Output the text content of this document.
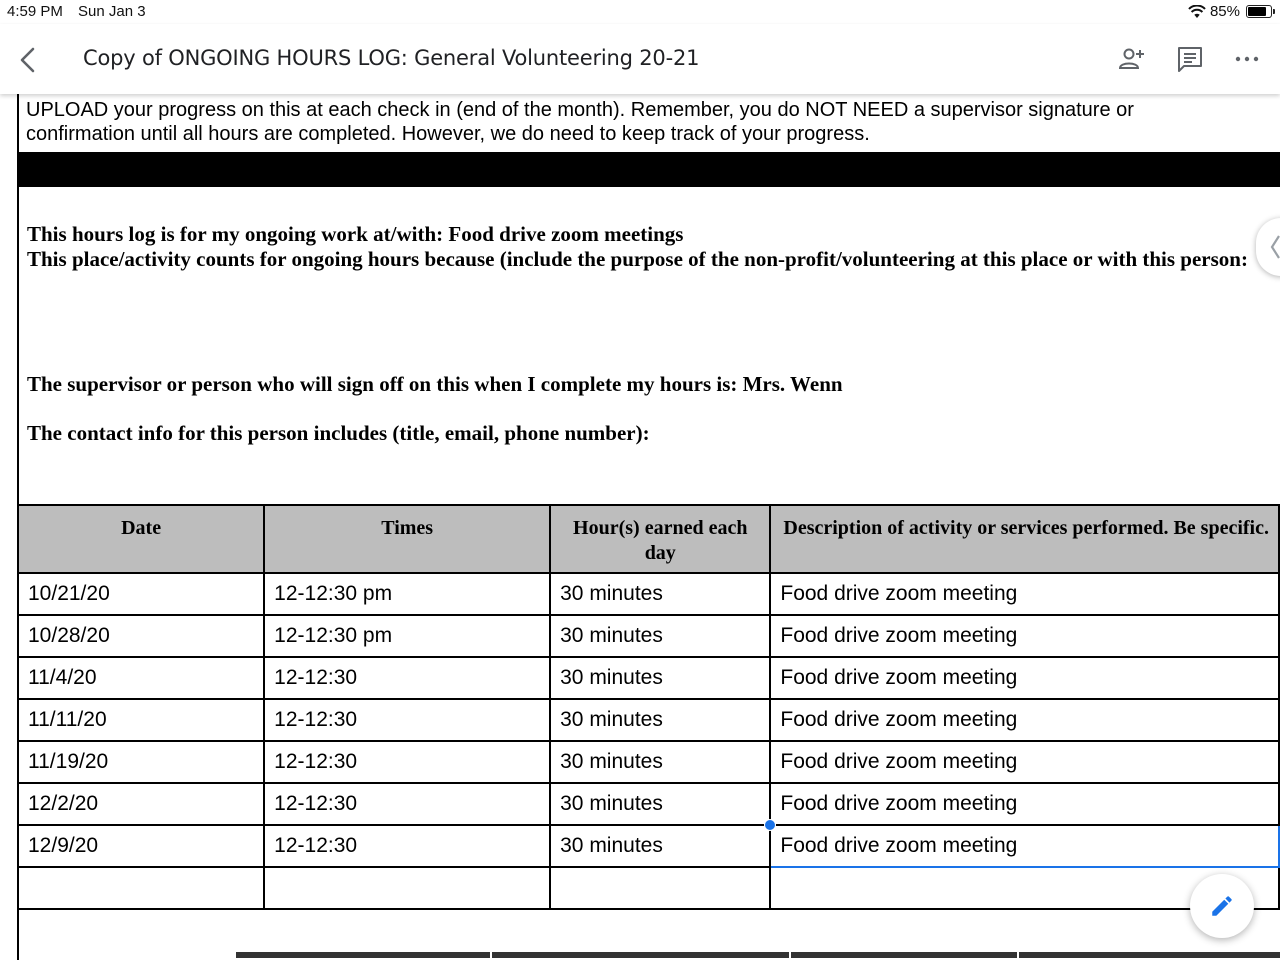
4:59 PM Sun Jan 3	85%
Copy of ONGOING HOURS LOG: General Volunteering 20-21
UPLOAD your progress on this at each check in (end of the month). Remember, you do NOT NEED a supervisor signature or confirmation until all hours are completed. However, we do need to keep track of your progress.
This hours log is for my ongoing work at/with: Food drive zoom meetings
This place/activity counts for ongoing hours because (include the purpose of the non-profit/volunteering at this place or with this person:
The supervisor or person who will sign off on this when I complete my hours is: Mrs. Wenn
The contact info for this person includes (title, email, phone number):
Date	Times	Hour(s) earned each day	Description of activity or services performed. Be specific.
10/21/20	12-12:30 pm	30 minutes	Food drive zoom meeting
10/28/20	12-12:30 pm	30 minutes	Food drive zoom meeting
11/4/20	12-12:30	30 minutes	Food drive zoom meeting
11/11/20	12-12:30	30 minutes	Food drive zoom meeting
11/19/20	12-12:30	30 minutes	Food drive zoom meeting
12/2/20	12-12:30	30 minutes	Food drive zoom meeting
12/9/20	12-12:30	30 minutes	Food drive zoom meeting
